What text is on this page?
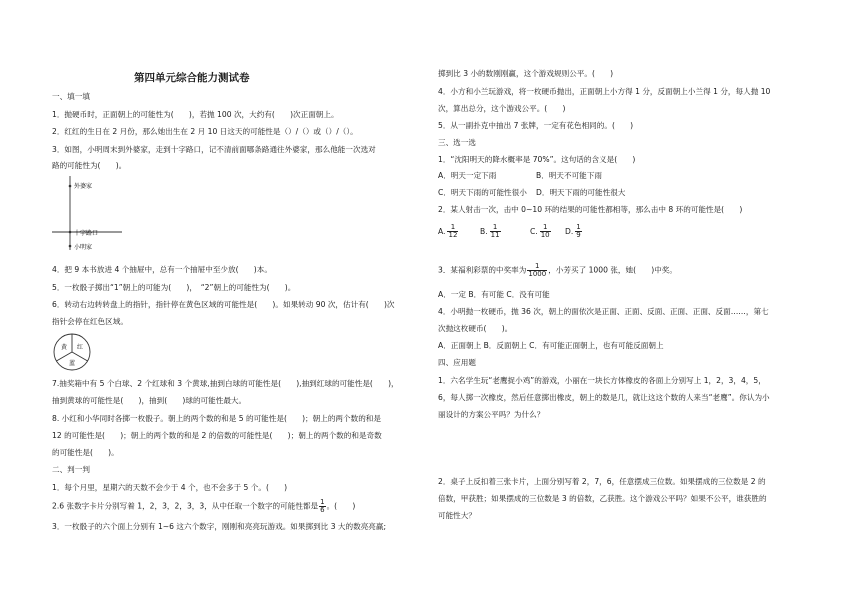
第四单元综合能力测试卷
一、填一填
1．抛硬币时，正面朝上的可能性为(　　)，若抛 100 次，大约有(　　)次正面朝上。
2．红红的生日在 2 月份，那么她出生在 2 月 10 日这天的可能性是（）/（）或（）/（）。
3．如图，小明周末到外婆家，走到十字路口，记不清前面哪条路通往外婆家，那么他能一次选对
路的可能性为(　　)。
外婆家
十字路口
小明家
4．把 9 本书放进 4 个抽屉中，总有一个抽屉中至少放(　　)本。
5．一枚骰子掷出“1”朝上的可能为(　　)，　“2”朝上的可能性为(　　)。
6．转动右边转转盘上的指针，指针停在黄色区域的可能性是(　　)。如果转动 90 次，估计有(　　)次
指针会停在红色区域。
黄 红
蓝
7.抽奖箱中有 5 个白球、2 个红球和 3 个黄球,抽到白球的可能性是(　　),抽到红球的可能性是(　　)，
抽到黄球的可能性是(　　)，抽到(　　)球的可能性最大。
8. 小红和小华同时各掷一枚骰子。朝上的两个数的和是 5 的可能性是(　　)；朝上的两个数的和是
12 的可能性是(　　)；朝上的两个数的和是 2 的倍数的可能性是(　　)；朝上的两个数的和是奇数
的可能性是(　　)。
二、判一判
1．每个月里，星期六的天数不会少于 4 个，也不会多于 5 个。(　　)
2.6 张数字卡片分别写着 1，2，3，2，3，3，从中任取一个数字的可能性都是 $\frac{1}{6}$ 。(　　)
3．一枚骰子的六个面上分别有 1~6 这六个数字，刚刚和亮亮玩游戏。如果掷到比 3 大的数亮亮赢;
掷到比 3 小的数刚刚赢，这个游戏规则公平。(　　)
4．小方和小兰玩游戏，将一枚硬币抛出，正面朝上小方得 1 分，反面朝上小兰得 1 分，每人抛 10
次，算出总分，这个游戏公平。(　　)
5．从一副扑克中抽出 7 张牌，一定有花色相同的。(　　)
三、选一选
1．“沈阳明天的降水概率是 70%”。这句话的含义是(　　)
A．明天一定下雨	B．明天不可能下雨
C．明天下雨的可能性很小 D．明天下雨的可能性很大
2．某人射击一次，击中 0~10 环的结果的可能性都相等，那么击中 8 环的可能性是(　　)
A. $\frac{1}{12}$	B. $\frac{1}{11}$	C. $\frac{1}{10} D$. $\frac{1}{9}$
3．某福利彩票的中奖率为 $\frac{1}{1000}$ ，小芳买了 1000 张，她(　　)中奖。
A．一定 B．有可能 C．没有可能
4．小明抛一枚硬币，抛 36 次，朝上的面依次是正面、正面、反面、正面、正面、反面……，第七
次抛这枚硬币(　　)。
A．正面朝上 B．反面朝上 C．有可能正面朝上，也有可能反面朝上
四、应用题
1．六名学生玩“老鹰捉小鸡”的游戏，小丽在一块长方体橡皮的各面上分别写上 1，2，3，4，5，
6，每人掷一次橡皮，然后任意掷出橡皮，朝上的数是几，就让这这个数的人来当“老鹰”。你认为小
丽设计的方案公平吗？为什么？
2．桌子上反扣着三张卡片，上面分别写着 2，7，6，任意摆成三位数。如果摆成的三位数是 2 的
倍数，甲获胜；如果摆成的三位数是 3 的倍数，乙获胜。这个游戏公平吗？如果不公平，谁获胜的
可能性大？
